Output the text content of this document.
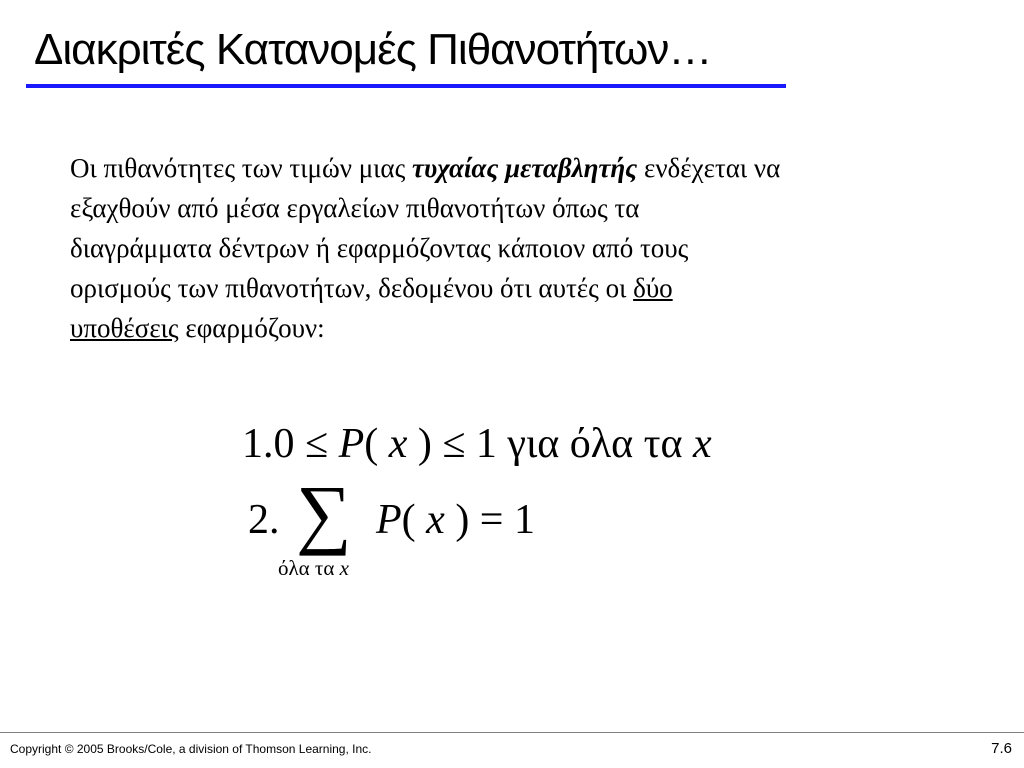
Διακριτές Κατανομές Πιθανοτήτων…
Οι πιθανότητες των τιμών μιας τυχαίας μεταβλητής ενδέχεται να
εξαχθούν από μέσα εργαλείων πιθανοτήτων όπως τα
διαγράμματα δέντρων ή εφαρμόζοντας κάποιον από τους
ορισμούς των πιθανοτήτων, δεδομένου ότι αυτές οι δύο
υποθέσεις εφαρμόζουν:
1.0 ≤ P( x ) ≤ 1 για όλα τα x
2. ∑ P( x ) = 1
όλα τα x
Copyright © 2005 Brooks/Cole, a division of Thomson Learning, Inc.	7.6
